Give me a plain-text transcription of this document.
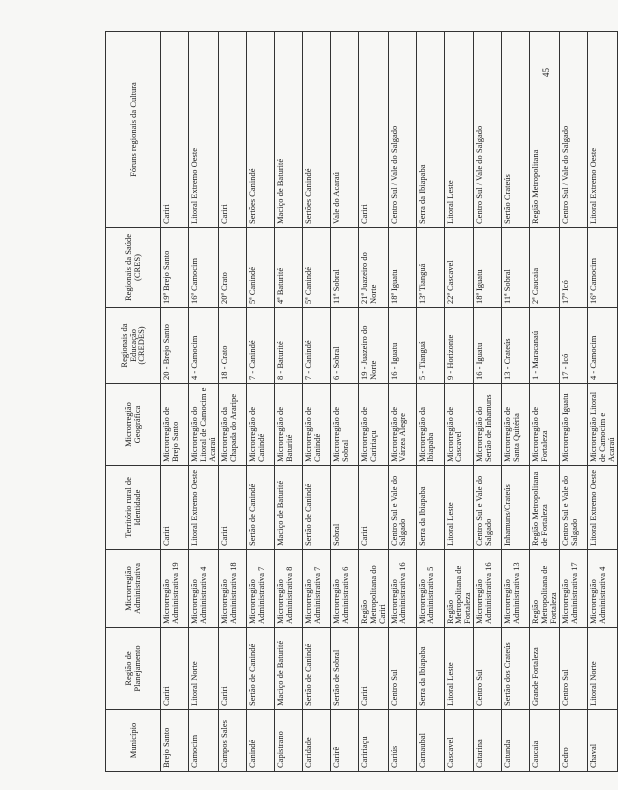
45
Município	Região de Planejamento	Microrregião Administrativa	Território rural de Identidade	Microrregião Geográfica	Regionais da Educação (CREDES)	Regionais da Saúde (CRES)	Fóruns regionais da Cultura
Brejo Santo	Cariri	Microrregião Administrativa 19	Cariri	Microrregião de Brejo Santo	20 - Brejo Santo	19ª Brejo Santo	Cariri
Camocim	Litoral Norte	Microrregião Administrativa 4	Litoral Extremo Oeste	Microrregião do Litoral de Camocim e Acaraú	4 - Camocim	16ª Camocim	Litoral Extremo Oeste
Campos Sales	Cariri	Microrregião Administrativa 18	Cariri	Microrregião da Chapada do Araripe	18 - Crato	20ª Crato	Cariri
Canindé	Sertão de Canindé	Microrregião Administrativa 7	Sertão de Canindé	Microrregião de Canindé	7 - Canindé	5ª Canindé	Sertões Canindé
Capistrano	Maciço de Baturité	Microrregião Administrativa 8	Maciço de Baturité	Microrregião de Baturité	8 - Baturité	4ª Baturité	Maciço de Baturité
Caridade	Sertão de Canindé	Microrregião Administrativa 7	Sertão de Canindé	Microrregião de Canindé	7 - Canindé	5ª Canindé	Sertões Canindé
Carirê	Sertão de Sobral	Microrregião Administrativa 6	Sobral	Microrregião de Sobral	6 - Sobral	11ª Sobral	Vale do Acaraú
Caririaçu	Cariri	Região Metropolitana do Cariri	Cariri	Microrregião de Caririaçu	19 - Juazeiro do Norte	21ª Juazeiro do Norte	Cariri
Cariús	Centro Sul	Microrregião Administrativa 16	Centro Sul e Vale do Salgado	Microrregião de Várzea Alegre	16 - Iguatu	18ª Iguatu	Centro Sul / Vale do Salgado
Carnaubal	Serra da Ibiapaba	Microrregião Administrativa 5	Serra da Ibiapaba	Microrregião da Ibiapaba	5 - Tianguá	13ª Tianguá	Serra da Ibiapaba
Cascavel	Litoral Leste	Região Metropolitana de Fortaleza	Litoral Leste	Microrregião de Cascavel	9 - Horizonte	22ª Cascavel	Litoral Leste
Catarina	Centro Sul	Microrregião Administrativa 16	Centro Sul e Vale do Salgado	Microrregião do Sertão de Inhamuns	16 - Iguatu	18ª Iguatu	Centro Sul / Vale do Salgado
Catunda	Sertão dos Crateús	Microrregião Administrativa 13	Inhamuns/Crateús	Microrregião de Santa Quitéria	13 - Crateús	11ª Sobral	Sertão Crateús
Caucaia	Grande Fortaleza	Região Metropolitana de Fortaleza	Região Metropolitana de Fortaleza	Microrregião de Fortaleza	1 - Maracanaú	2ª Caucaia	Região Metropolitana
Cedro	Centro Sul	Microrregião Administrativa 17	Centro Sul e Vale do Salgado	Microrregião Iguatu	17 - Icó	17ª Icó	Centro Sul / Vale do Salgado
Chaval	Litoral Norte	Microrregião Administrativa 4	Litoral Extremo Oeste	Microrregião Litoral de Camocim e Acaraú	4 - Camocim	16ª Camocim	Litoral Extremo Oeste
